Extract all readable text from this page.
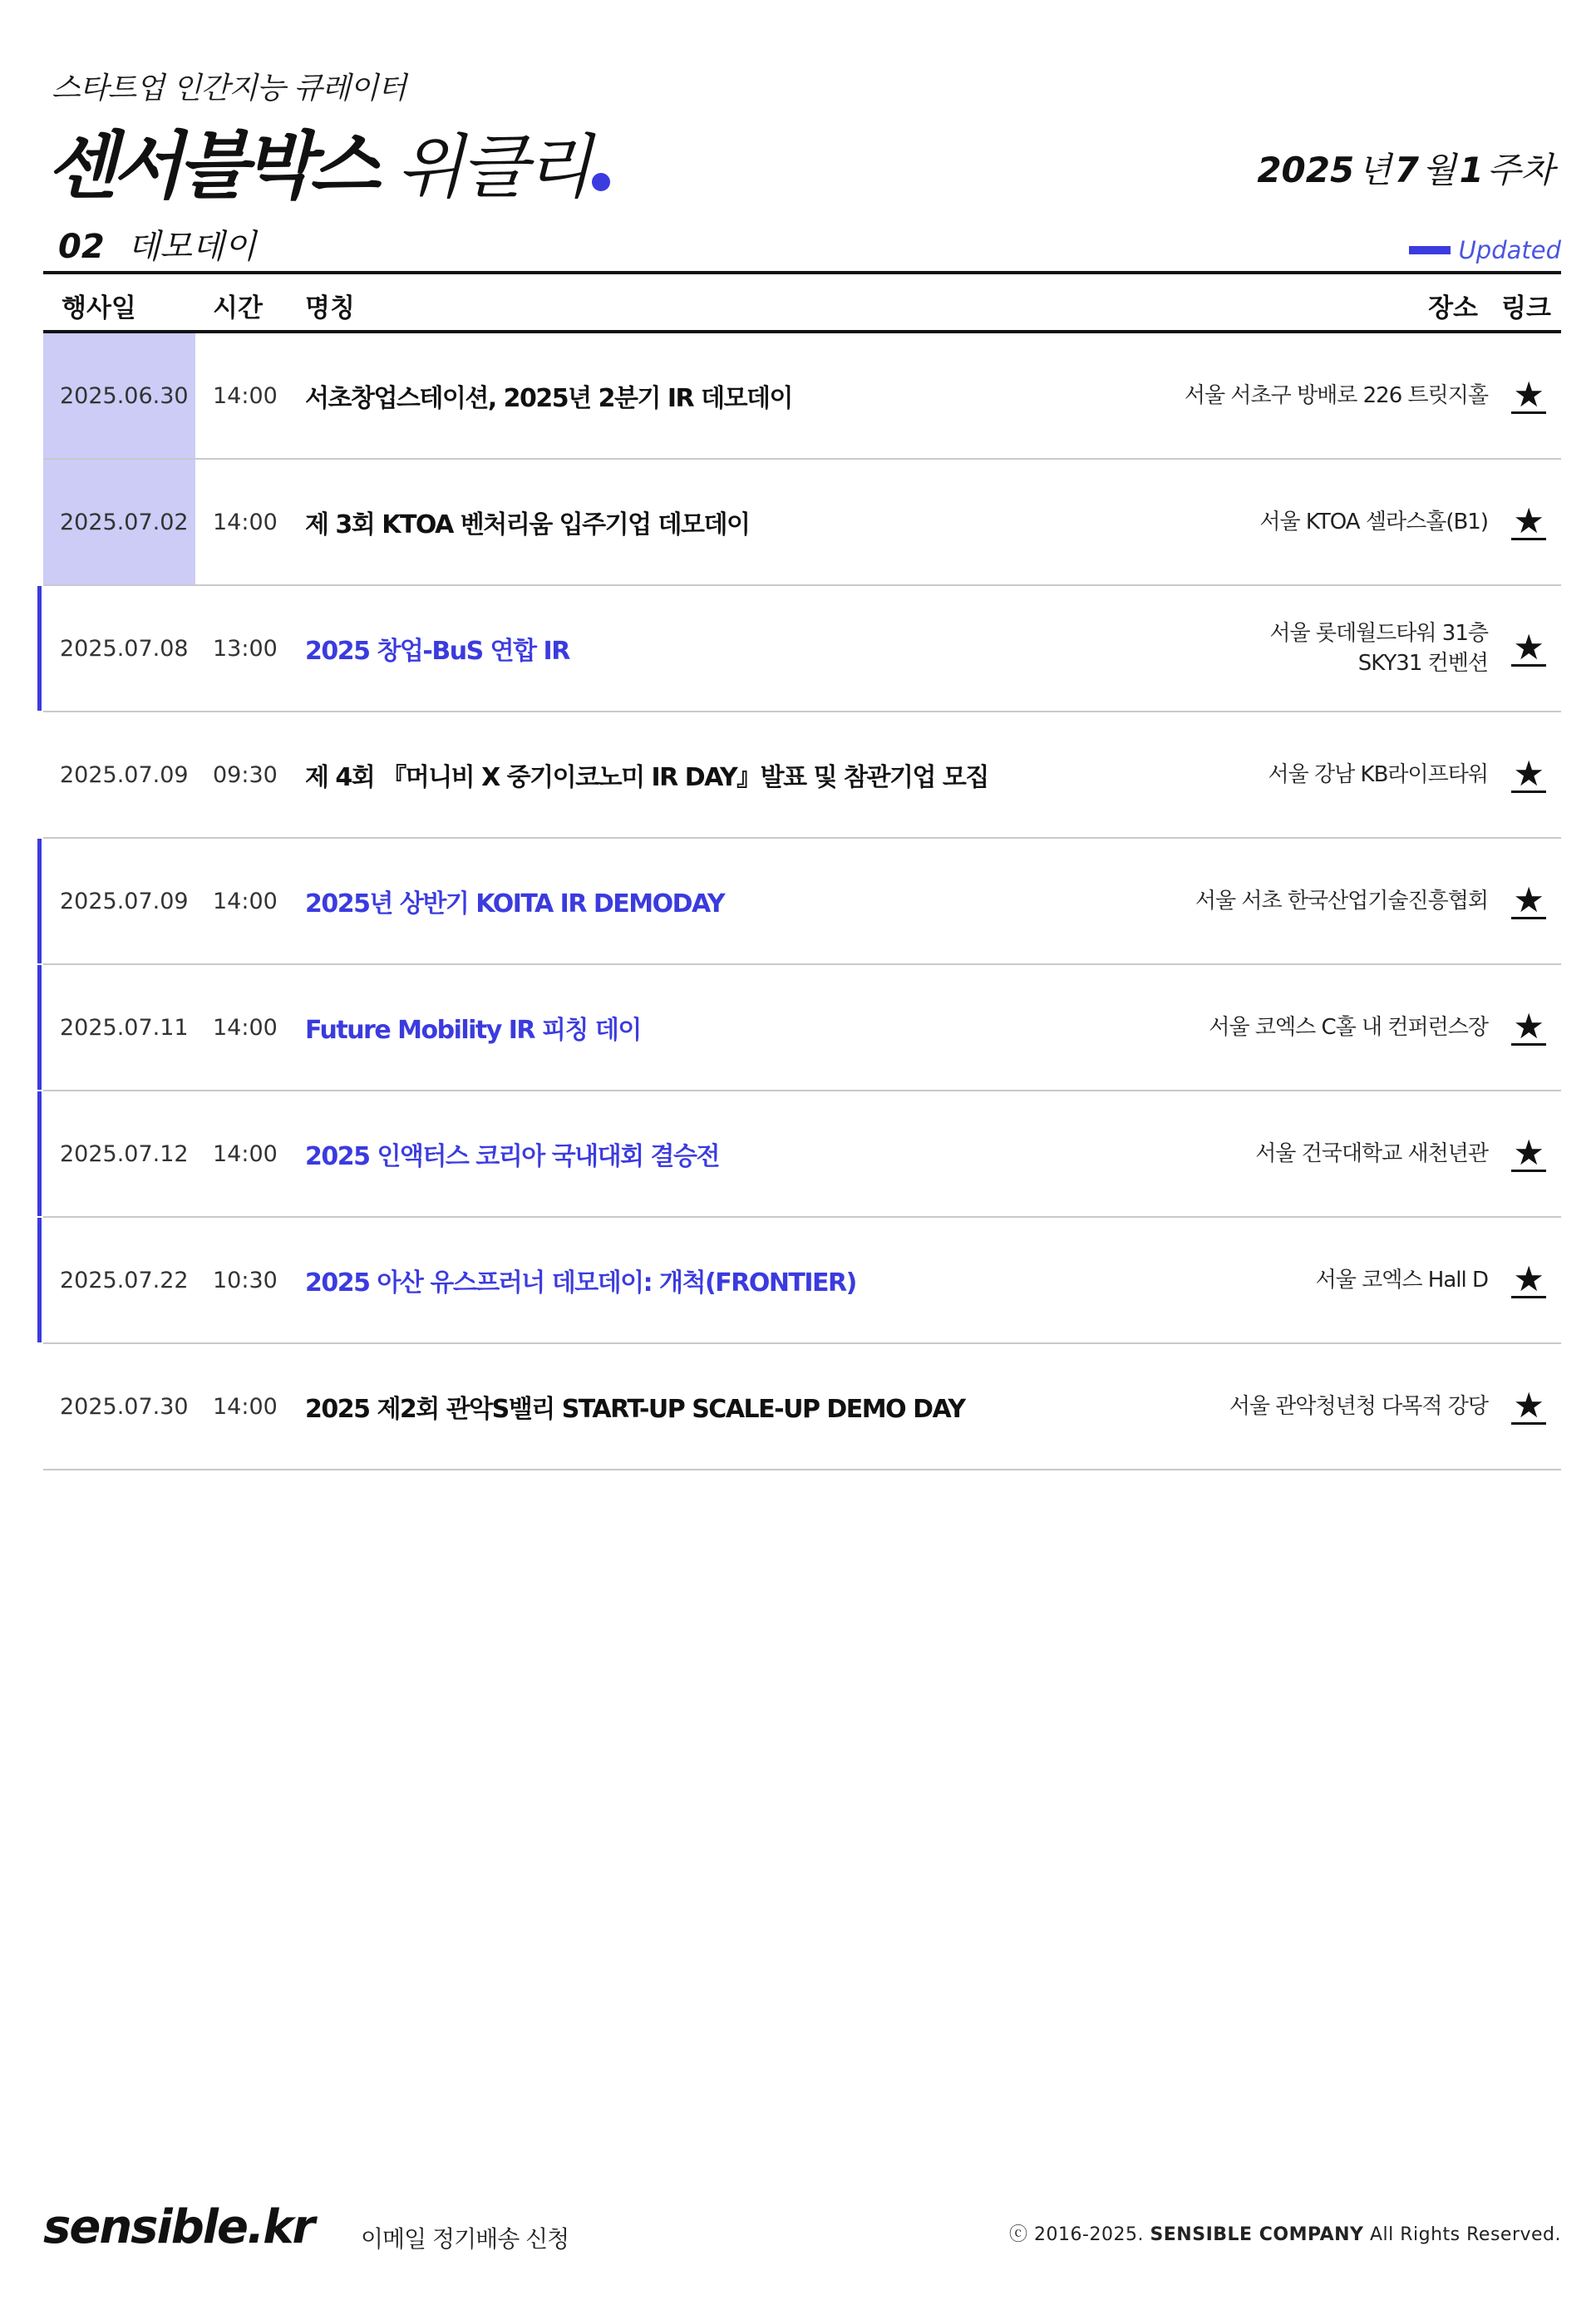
스타트업 인간지능 큐레이터
센서블박스 위클리	2025 년 7 월 1 주차
02 데모데이	Updated
행사일	시간 명칭	장소 링크
2025.06.30 14:00 서초창업스테이션, 2025년 2분기 IR 데모데이	서울 서초구 방배로 226 트릿지홀 ★
2025.07.02 14:00 제 3회 KTOA 벤처리움 입주기업 데모데이	서울 KTOA 셀라스홀(B1) ★
2025.07.08 13:00 2025 창업-BuS 연합 IR
서울 롯데월드타워 31층
SKY31 컨벤션 ★
2025.07.09 09:30 제 4회 『머니비 X 중기이코노미 IR DAY』발표 및 참관기업 모집	서울 강남 KB라이프타워 ★
2025.07.09 14:00 2025년 상반기 KOITA IR DEMODAY	서울 서초 한국산업기술진흥협회 ★
2025.07.11 14:00 Future Mobility IR 피칭 데이	서울 코엑스 C홀 내 컨퍼런스장 ★
2025.07.12 14:00 2025 인액터스 코리아 국내대회 결승전	서울 건국대학교 새천년관 ★
2025.07.22 10:30 2025 아산 유스프러너 데모데이: 개척(FRONTIER)	서울 코엑스 Hall D ★
2025.07.30 14:00 2025 제2회 관악S밸리 START-UP SCALE-UP DEMO DAY	서울 관악청년청 다목적 강당 ★
sensible.kr 이메일 정기배송 신청	ⓒ 2016-2025. SENSIBLE COMPANY All Rights Reserved.
